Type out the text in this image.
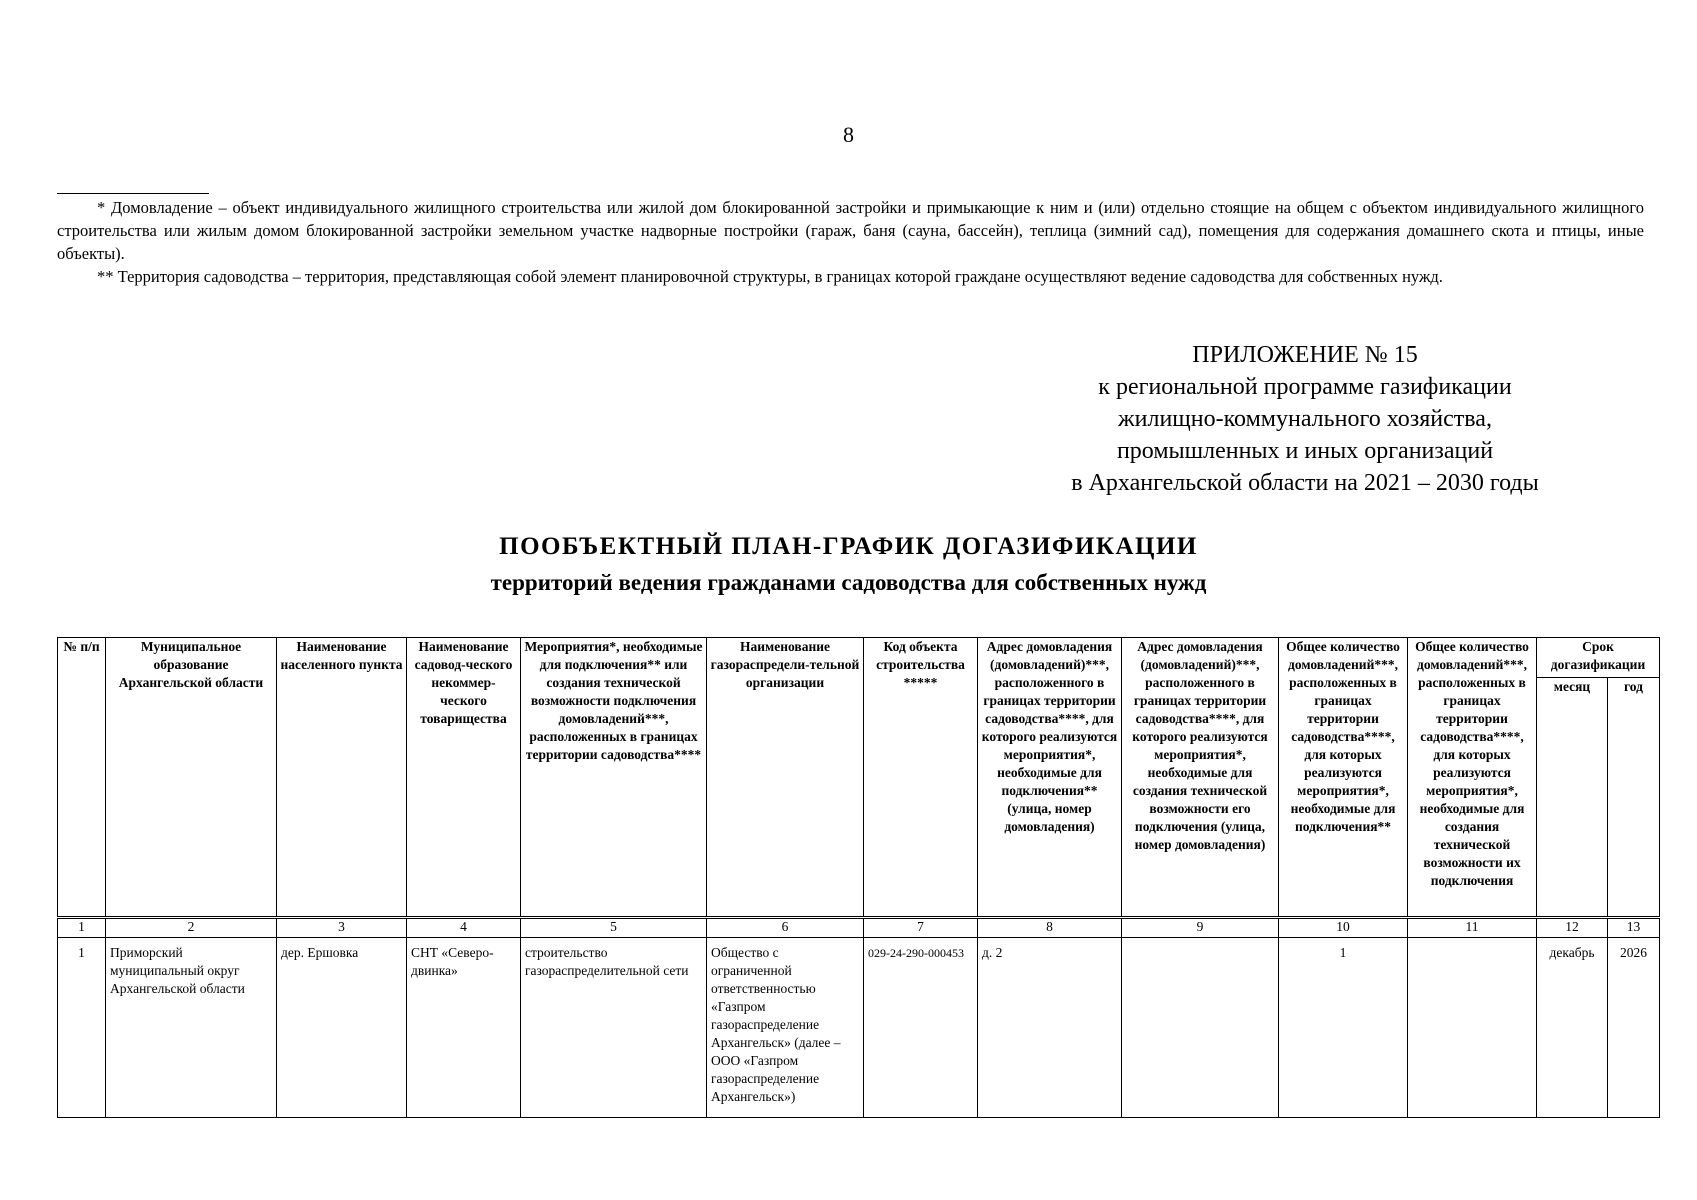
8

* Домовладение – объект индивидуального жилищного строительства или жилой дом блокированной застройки и примыкающие к ним и (или) отдельно стоящие на общем с объектом индивидуального жилищного строительства или жилым домом блокированной застройки земельном участке надворные постройки (гараж, баня (сауна, бассейн), теплица (зимний сад), помещения для содержания домашнего скота и птицы, иные объекты).

** Территория садоводства – территория, представляющая собой элемент планировочной структуры, в границах которой граждане осуществляют ведение садоводства для собственных нужд.

ПРИЛОЖЕНИЕ № 15
к региональной программе газификации
жилищно-коммунального хозяйства,
промышленных и иных организаций
в Архангельской области на 2021 – 2030 годы
ПООБЪЕКТНЫЙ ПЛАН-ГРАФИК ДОГАЗИФИКАЦИИ
территорий ведения гражданами садоводства для собственных нужд
№ п/п	Муниципальное образование Архангельской области	Наименование населенного пункта	Наименование садовод-ческого некоммер-ческого товарищества	Мероприятия*, необходимые для подключения** или создания технической возможности подключения домовладений***, расположенных в границах территории садоводства****	Наименование газораспредели-тельной организации	Код объекта строительства *****	Адрес домовладения (домовладений)***, расположенного в границах территории садоводства****, для которого реализуются мероприятия*, необходимые для подключения** (улица, номер домовладения)	Адрес домовладения (домовладений)***, расположенного в границах территории садоводства****, для которого реализуются мероприятия*, необходимые для создания технической возможности его подключения (улица, номер домовладения)	Общее количество домовладений***, расположенных в границах территории садоводства****, для которых реализуются мероприятия*, необходимые для подключения**	Общее количество домовладений***, расположенных в границах территории садоводства****, для которых реализуются мероприятия*, необходимые для создания технической возможности их подключения	Срок догазификации	
											месяц	год
1	2	3	4	5	6	7	8	9	10	11	12	13
1	Приморский муниципальный округ Архангельской области	дер. Ершовка	СНТ «Северо-двинка»	строительство газораспределительной сети	Общество с ограниченной ответственностью «Газпром газораспределение Архангельск» (далее – ООО «Газпром газораспределение Архангельск»)	029-24-290-000453	д. 2		1		декабрь	2026
